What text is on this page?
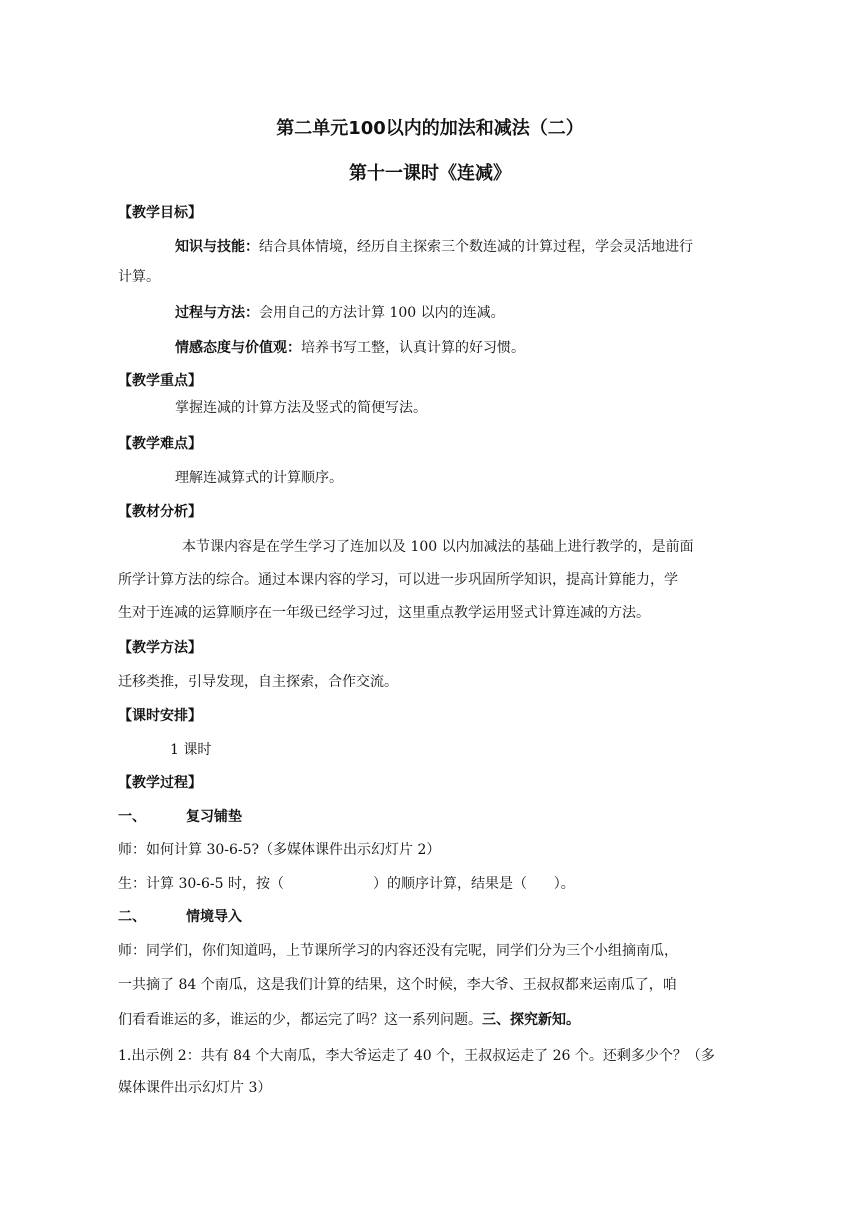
第二单元100以内的加法和减法（二）
第十一课时《连减》
【教学目标】
知识与技能：结合具体情境，经历自主探索三个数连减的计算过程，学会灵活地进行
计算。
过程与方法：会用自己的方法计算 100 以内的连减。
情感态度与价值观：培养书写工整，认真计算的好习惯。
【教学重点】
掌握连减的计算方法及竖式的简便写法。
【教学难点】
理解连减算式的计算顺序。
【教材分析】
本节课内容是在学生学习了连加以及 100 以内加减法的基础上进行教学的，是前面
所学计算方法的综合。通过本课内容的学习，可以进一步巩固所学知识，提高计算能力，学
生对于连减的运算顺序在一年级已经学习过，这里重点教学运用竖式计算连减的方法。
【教学方法】
迁移类推，引导发现，自主探索，合作交流。
【课时安排】
1 课时
【教学过程】
一、	复习铺垫
师：如何计算 30-6-5?（多媒体课件出示幻灯片 2）
生：计算 30-6-5 时，按（                    ）的顺序计算，结果是（      ）。
二、	情境导入
师：同学们，你们知道吗，上节课所学习的内容还没有完呢，同学们分为三个小组摘南瓜，
一共摘了 84 个南瓜，这是我们计算的结果，这个时候，李大爷、王叔叔都来运南瓜了，咱
们看看谁运的多，谁运的少，都运完了吗？这一系列问题。三、探究新知。
1.出示例 2：共有 84 个大南瓜，李大爷运走了 40 个，王叔叔运走了 26 个。还剩多少个？（多
媒体课件出示幻灯片 3）
